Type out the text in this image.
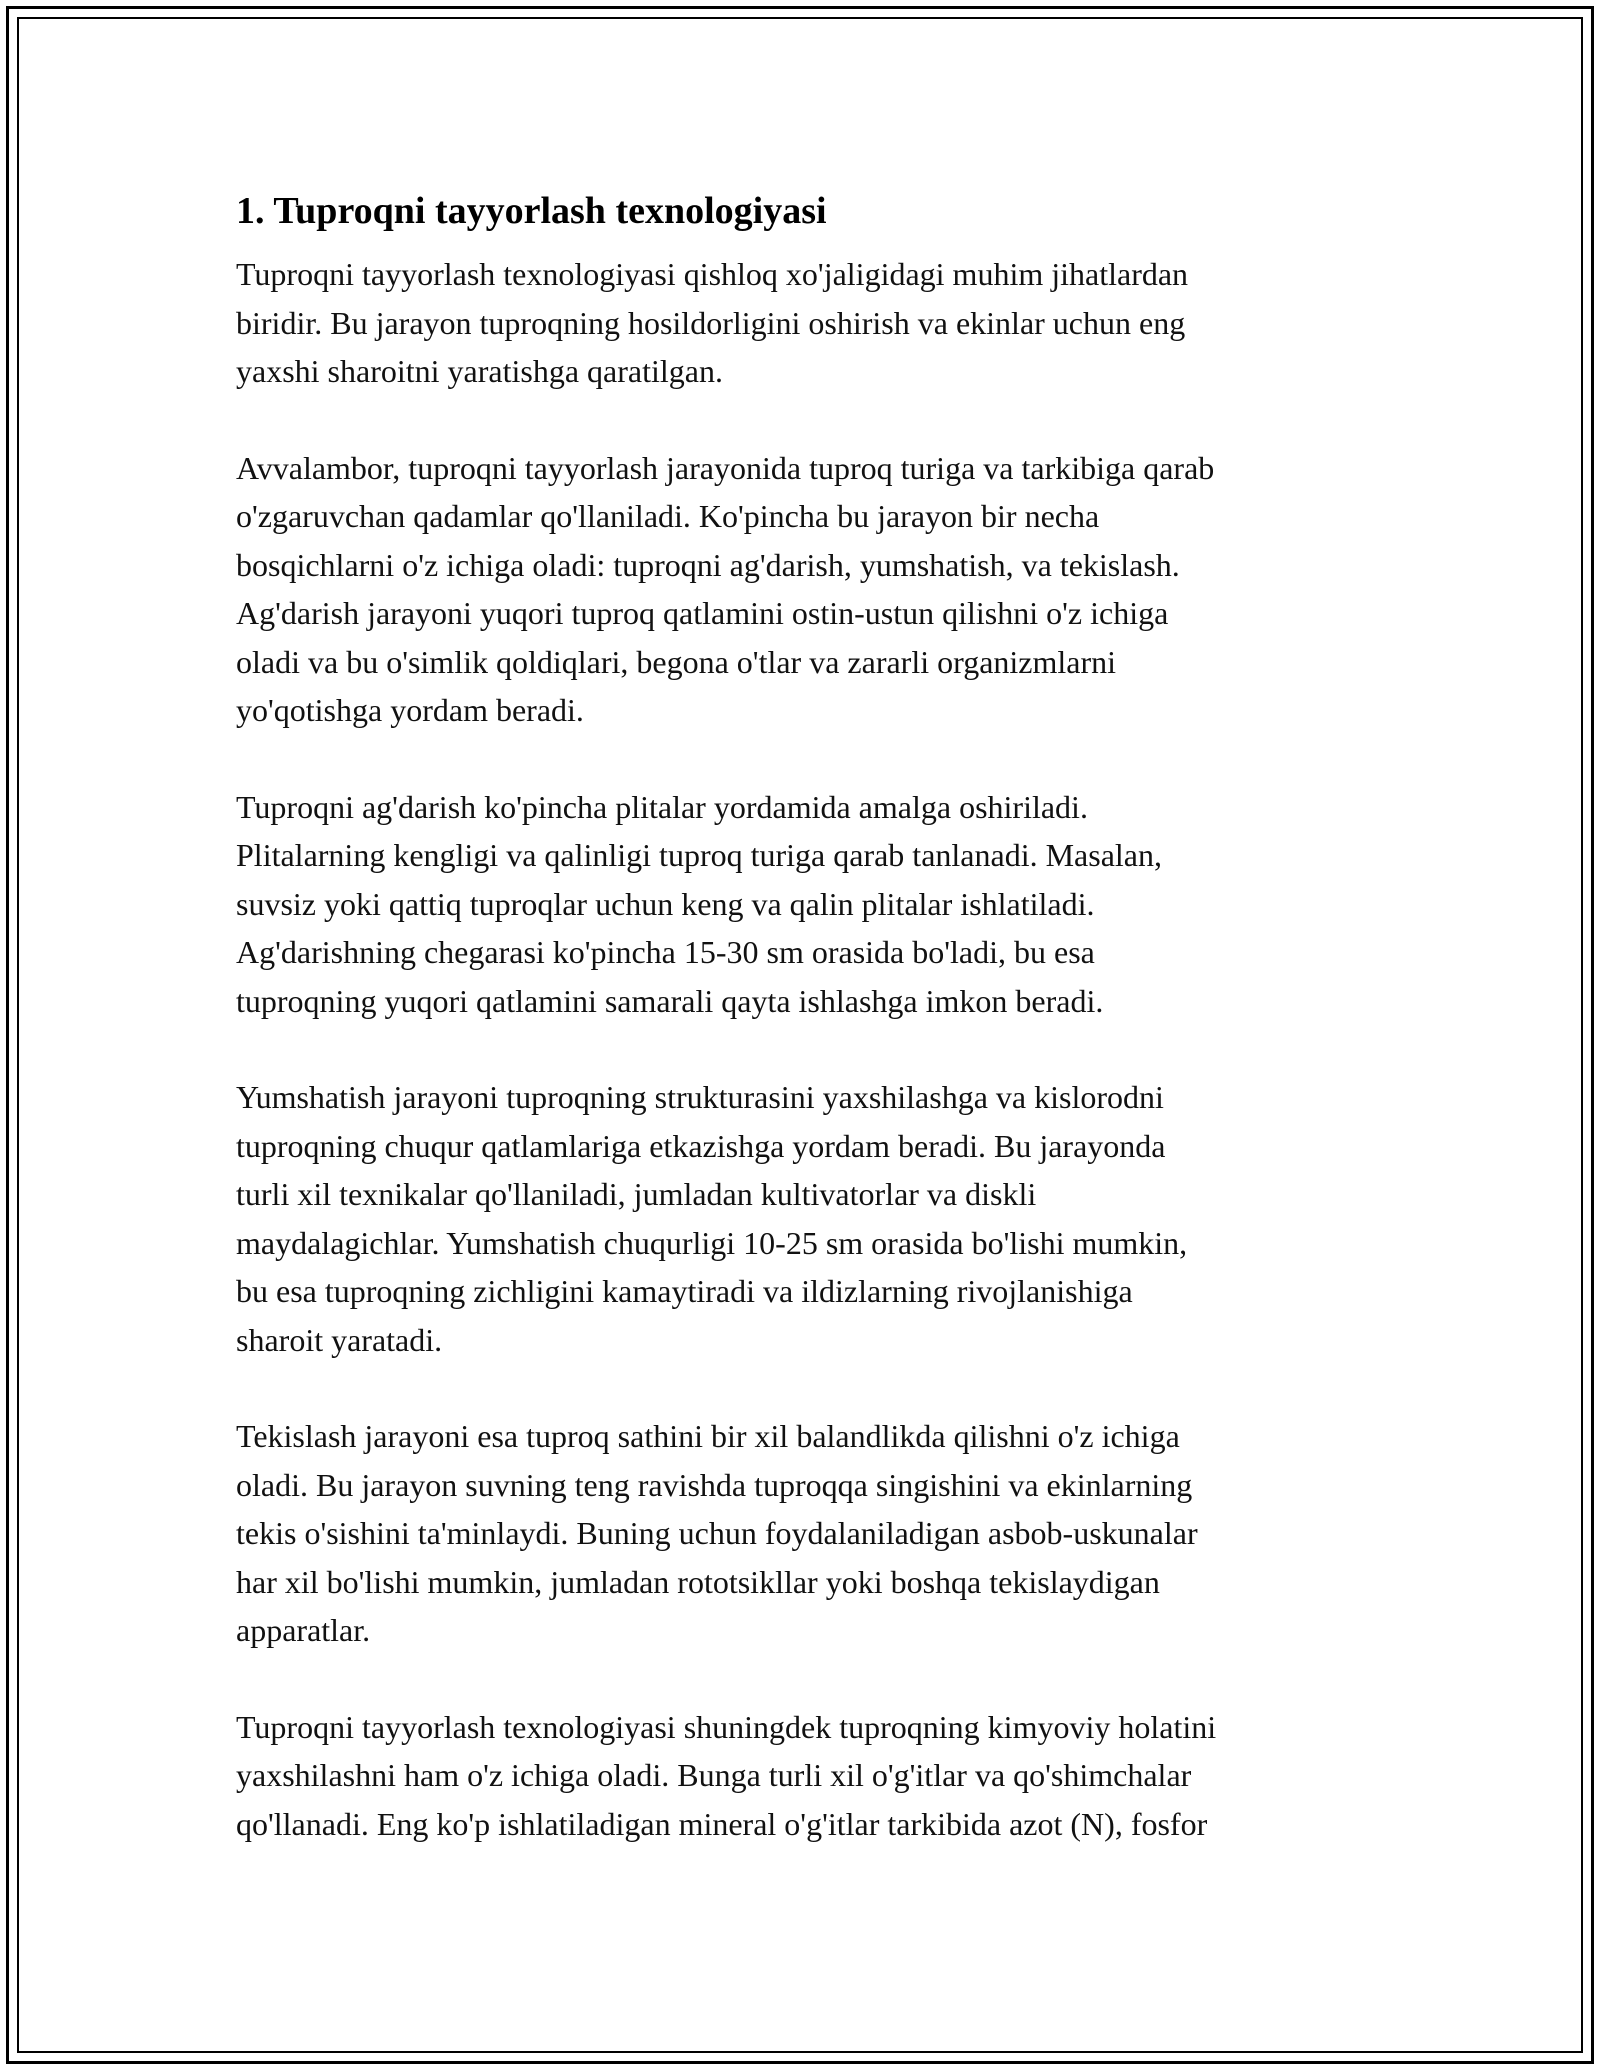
1. Tuproqni tayyorlash texnologiyasi

Tuproqni tayyorlash texnologiyasi qishloq xo'jaligidagi muhim jihatlardan
biridir. Bu jarayon tuproqning hosildorligini oshirish va ekinlar uchun eng
yaxshi sharoitni yaratishga qaratilgan.

Avvalambor, tuproqni tayyorlash jarayonida tuproq turiga va tarkibiga qarab
o'zgaruvchan qadamlar qo'llaniladi. Ko'pincha bu jarayon bir necha
bosqichlarni o'z ichiga oladi: tuproqni ag'darish, yumshatish, va tekislash.
Ag'darish jarayoni yuqori tuproq qatlamini ostin-ustun qilishni o'z ichiga
oladi va bu o'simlik qoldiqlari, begona o'tlar va zararli organizmlarni
yo'qotishga yordam beradi.

Tuproqni ag'darish ko'pincha plitalar yordamida amalga oshiriladi.
Plitalarning kengligi va qalinligi tuproq turiga qarab tanlanadi. Masalan,
suvsiz yoki qattiq tuproqlar uchun keng va qalin plitalar ishlatiladi.
Ag'darishning chegarasi ko'pincha 15-30 sm orasida bo'ladi, bu esa
tuproqning yuqori qatlamini samarali qayta ishlashga imkon beradi.

Yumshatish jarayoni tuproqning strukturasini yaxshilashga va kislorodni
tuproqning chuqur qatlamlariga etkazishga yordam beradi. Bu jarayonda
turli xil texnikalar qo'llaniladi, jumladan kultivatorlar va diskli
maydalagichlar. Yumshatish chuqurligi 10-25 sm orasida bo'lishi mumkin,
bu esa tuproqning zichligini kamaytiradi va ildizlarning rivojlanishiga
sharoit yaratadi.

Tekislash jarayoni esa tuproq sathini bir xil balandlikda qilishni o'z ichiga
oladi. Bu jarayon suvning teng ravishda tuproqqa singishini va ekinlarning
tekis o'sishini ta'minlaydi. Buning uchun foydalaniladigan asbob-uskunalar
har xil bo'lishi mumkin, jumladan rototsikllar yoki boshqa tekislaydigan
apparatlar.

Tuproqni tayyorlash texnologiyasi shuningdek tuproqning kimyoviy holatini
yaxshilashni ham o'z ichiga oladi. Bunga turli xil o'g'itlar va qo'shimchalar
qo'llanadi. Eng ko'p ishlatiladigan mineral o'g'itlar tarkibida azot (N), fosfor
